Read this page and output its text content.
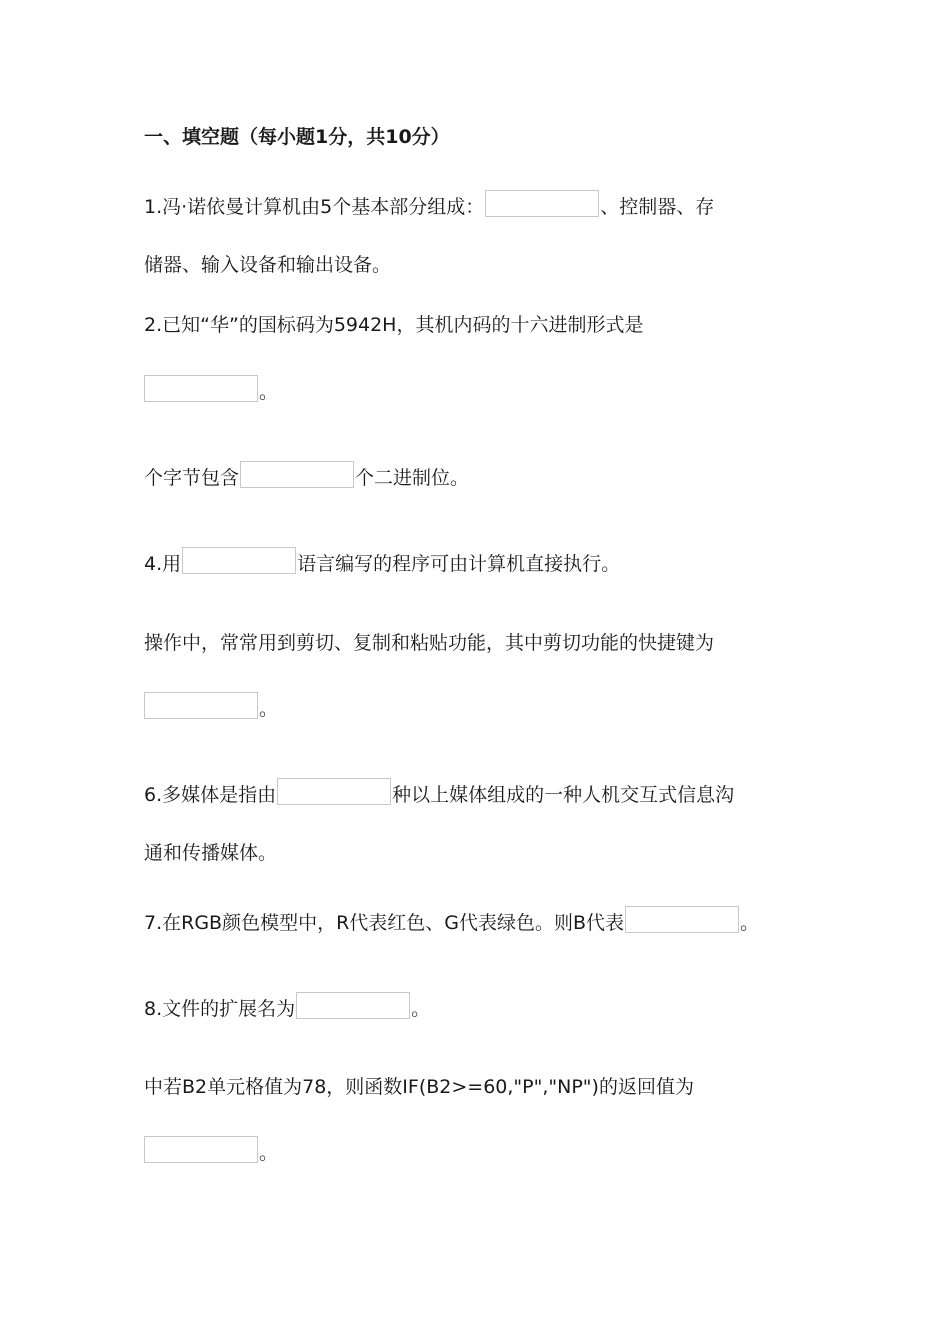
一、填空题（每小题1分，共10分）
1.冯·诺依曼计算机由5个基本部分组成：	、控制器、存
储器、输入设备和输出设备。
2.已知“华”的国标码为5942H，其机内码的十六进制形式是
。
个字节包含	个二进制位。
4.用	语言编写的程序可由计算机直接执行。
操作中，常常用到剪切、复制和粘贴功能，其中剪切功能的快捷键为
。
6.多媒体是指由	种以上媒体组成的一种人机交互式信息沟
通和传播媒体。
7.在RGB颜色模型中，R代表红色、G代表绿色。则B代表	。
8.文件的扩展名为	。
中若B2单元格值为78，则函数IF(B2>=60,"P","NP")的返回值为
。
